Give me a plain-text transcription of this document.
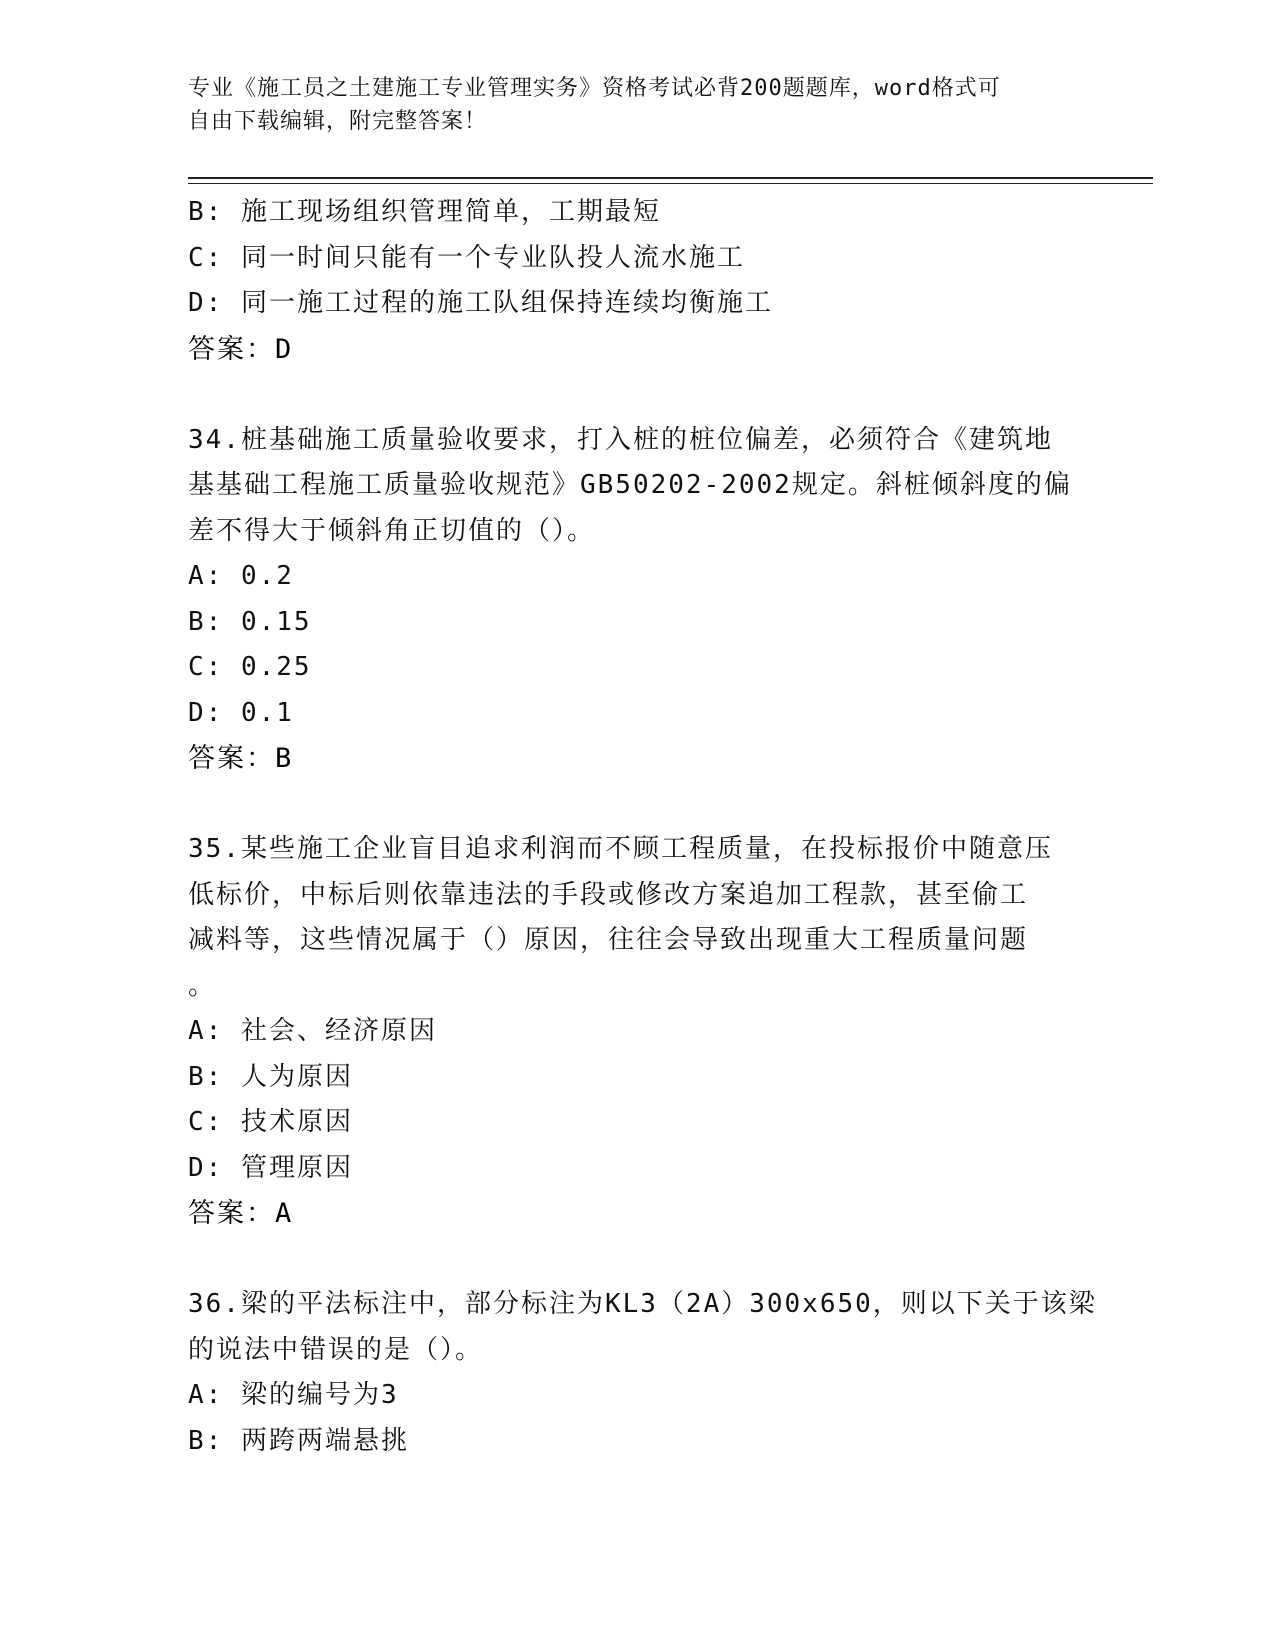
专业《施工员之土建施工专业管理实务》资格考试必背200题题库，word格式可
自由下载编辑，附完整答案！
B: 施工现场组织管理简单，工期最短
C: 同一时间只能有一个专业队投人流水施工
D: 同一施工过程的施工队组保持连续均衡施工
答案：D
34.桩基础施工质量验收要求，打入桩的桩位偏差，必须符合《建筑地
基基础工程施工质量验收规范》GB50202-2002规定。斜桩倾斜度的偏
差不得大于倾斜角正切值的（）。
A: 0.2
B: 0.15
C: 0.25
D: 0.1
答案：B
35.某些施工企业盲目追求利润而不顾工程质量，在投标报价中随意压
低标价，中标后则依靠违法的手段或修改方案追加工程款，甚至偷工
减料等，这些情况属于（）原因，往往会导致出现重大工程质量问题
。
A: 社会、经济原因
B: 人为原因
C: 技术原因
D: 管理原因
答案：A
36.梁的平法标注中，部分标注为KL3（2A）300x650，则以下关于该梁
的说法中错误的是（）。
A: 梁的编号为3
B: 两跨两端悬挑
